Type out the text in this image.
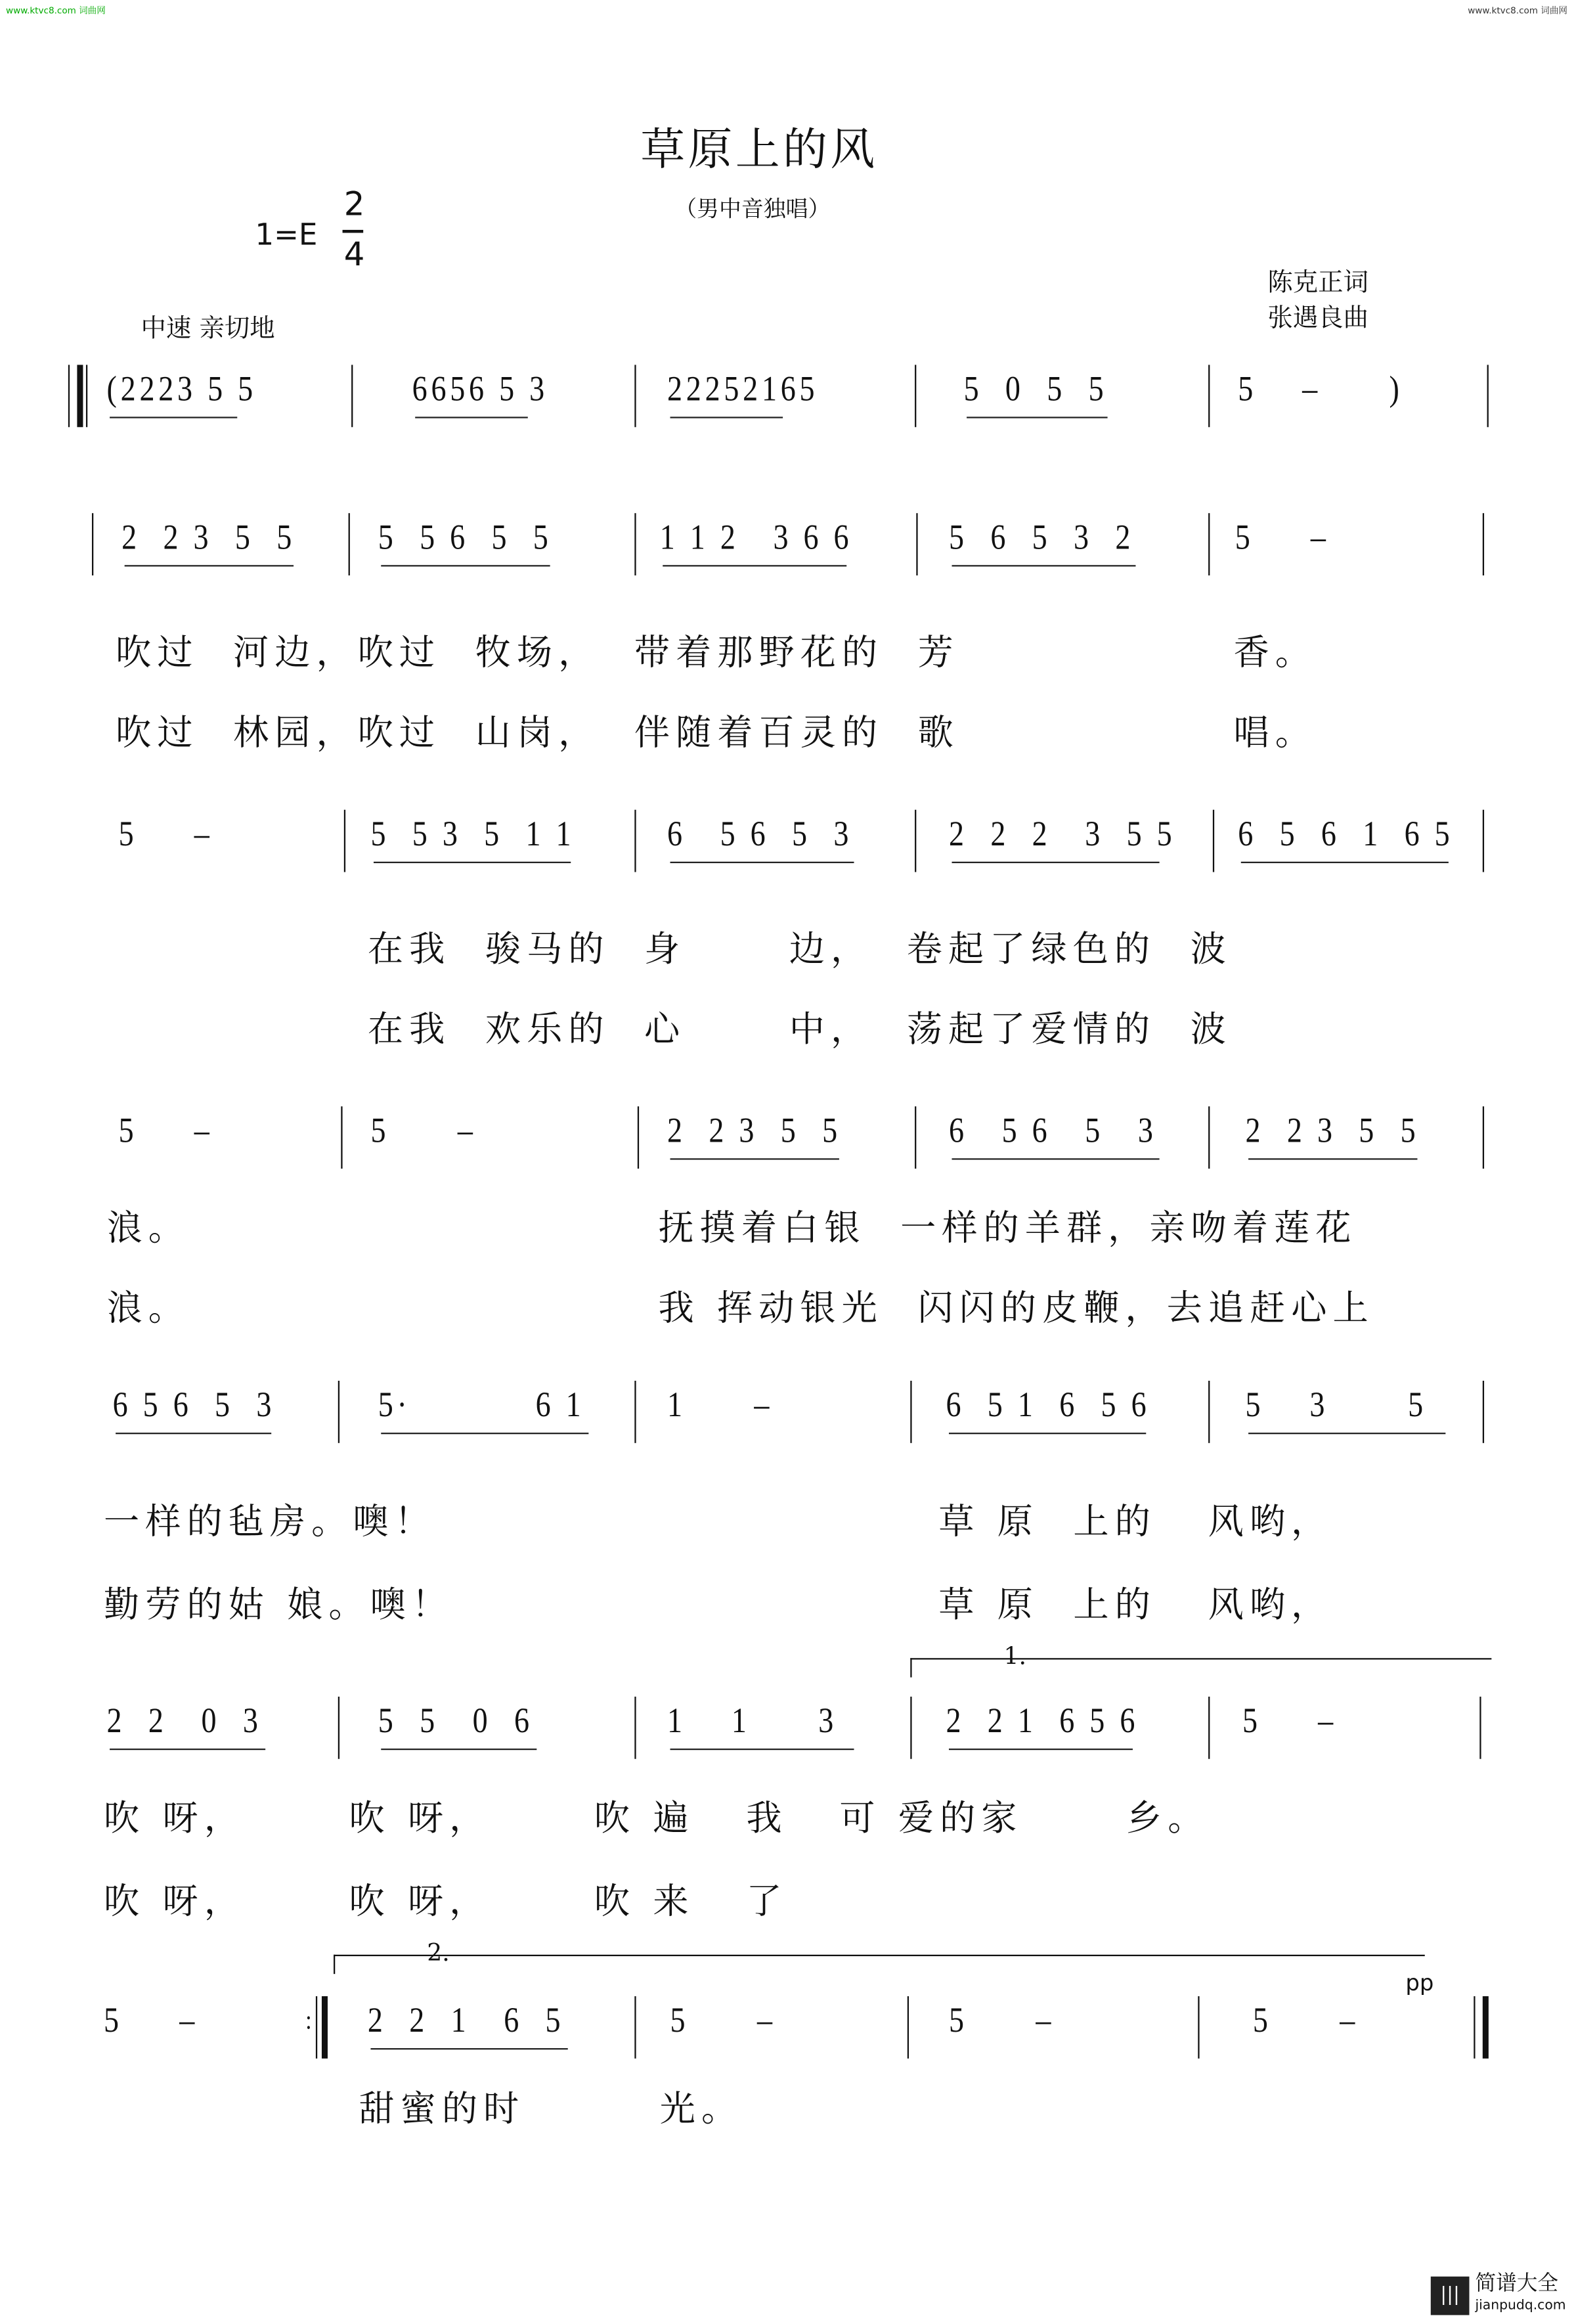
www.ktvc8.com 词曲网	www.ktvc8.com 词曲网
草原上的风
（男中音独唱）
1=E
2
4
中速 亲切地
陈克正词
张遇良曲
(2223 5 5	6656 5 3	22252165	5  0  5  5	5    –      )
2  2 3  5  5	5  5 6  5  5	1 1 2   3 6 6	5  6  5  3  2	5     –
吹过  河边，吹过  牧场，  带着那野花的  芳	香。
吹过  林园，吹过  山岗，  伴随着百灵的  歌	唱。
5     –	5  5 3  5  1 1	6   5 6  5  3	2  2  2   3  5 5	6  5  6  1  6 5
在我  骏马的  身      边，  卷起了绿色的  波
在我  欢乐的  心      中，  荡起了爱情的  波
5     –	5      –	2  2 3  5  5	6   5 6   5   3	2  2 3  5  5
浪。	抚摸着白银  一样的羊群，亲吻着莲花
浪。	我 挥动银光  闪闪的皮鞭，去追赶心上
6 5 6  5  3	5·           6 1	1      –	6  5 1  6  5 6	5    3       5
一样的毡房。噢！	草 原  上的   风哟，
勤劳的姑 娘。噢！	草 原  上的   风哟，
2  2   0  3	5  5   0  6	1    1      3	2  2 1  6 5 6	5     –
1.
吹 呀，      吹 呀，      吹 遍   我   可 爱的家      乡。
吹 呀，      吹 呀，      吹 来   了
5     –	2  2  1   6  5	5      –	5      –	5      –
:
2.
pp
甜蜜的时	光。
|||	简谱大全
jianpudq.com
